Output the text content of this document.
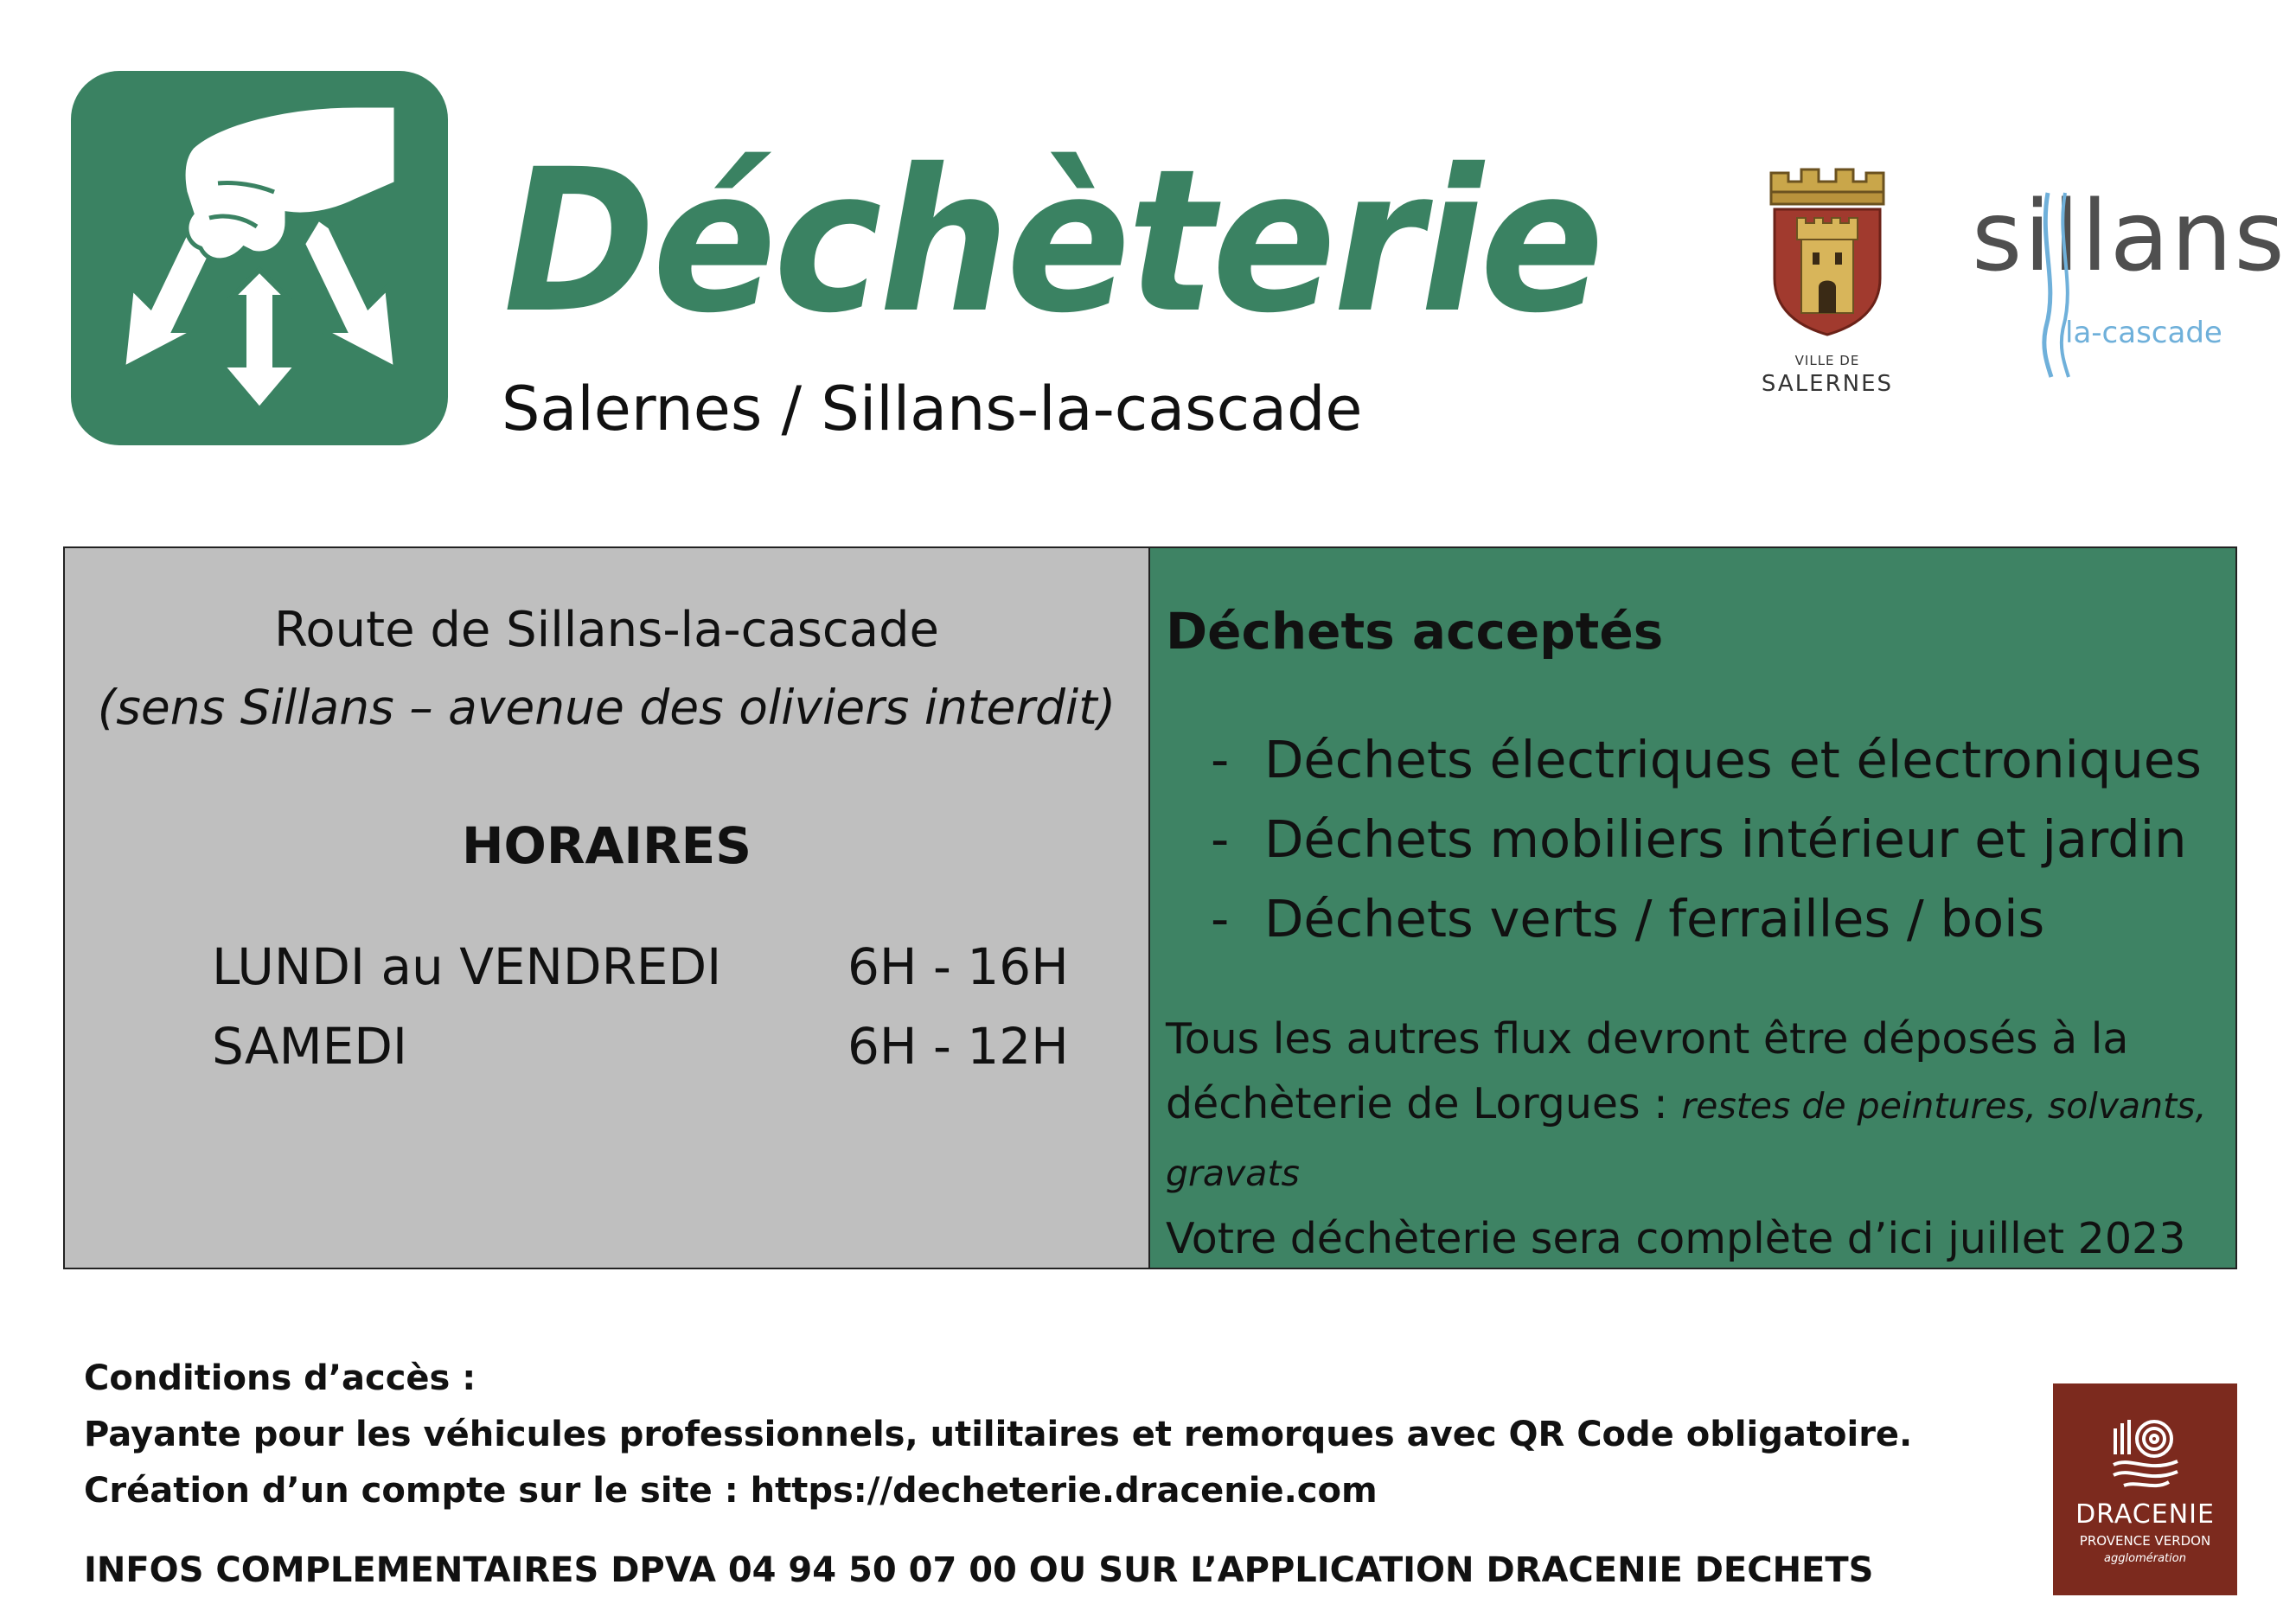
Déchèterie
Salernes / Sillans-la-cascade
VILLE DE
SALERNES
sillans
la-cascade
Route de Sillans-la-cascade
(sens Sillans – avenue des oliviers interdit)
HORAIRES
LUNDI au VENDREDI	6H - 16H
SAMEDI	6H - 12H
Déchets acceptés
- Déchets électriques et électroniques
- Déchets mobiliers intérieur et jardin
- Déchets verts / ferrailles / bois
Tous les autres flux devront être déposés à la déchèterie de Lorgues : restes de peintures, solvants, gravats
Votre déchèterie sera complète d’ici juillet 2023
Conditions d’accès :
Payante pour les véhicules professionnels, utilitaires et remorques avec QR Code obligatoire.
Création d’un compte sur le site : https://decheterie.dracenie.com
INFOS COMPLEMENTAIRES DPVA 04 94 50 07 00 OU SUR L’APPLICATION DRACENIE DECHETS
DRACENIE
PROVENCE VERDON
agglomération
